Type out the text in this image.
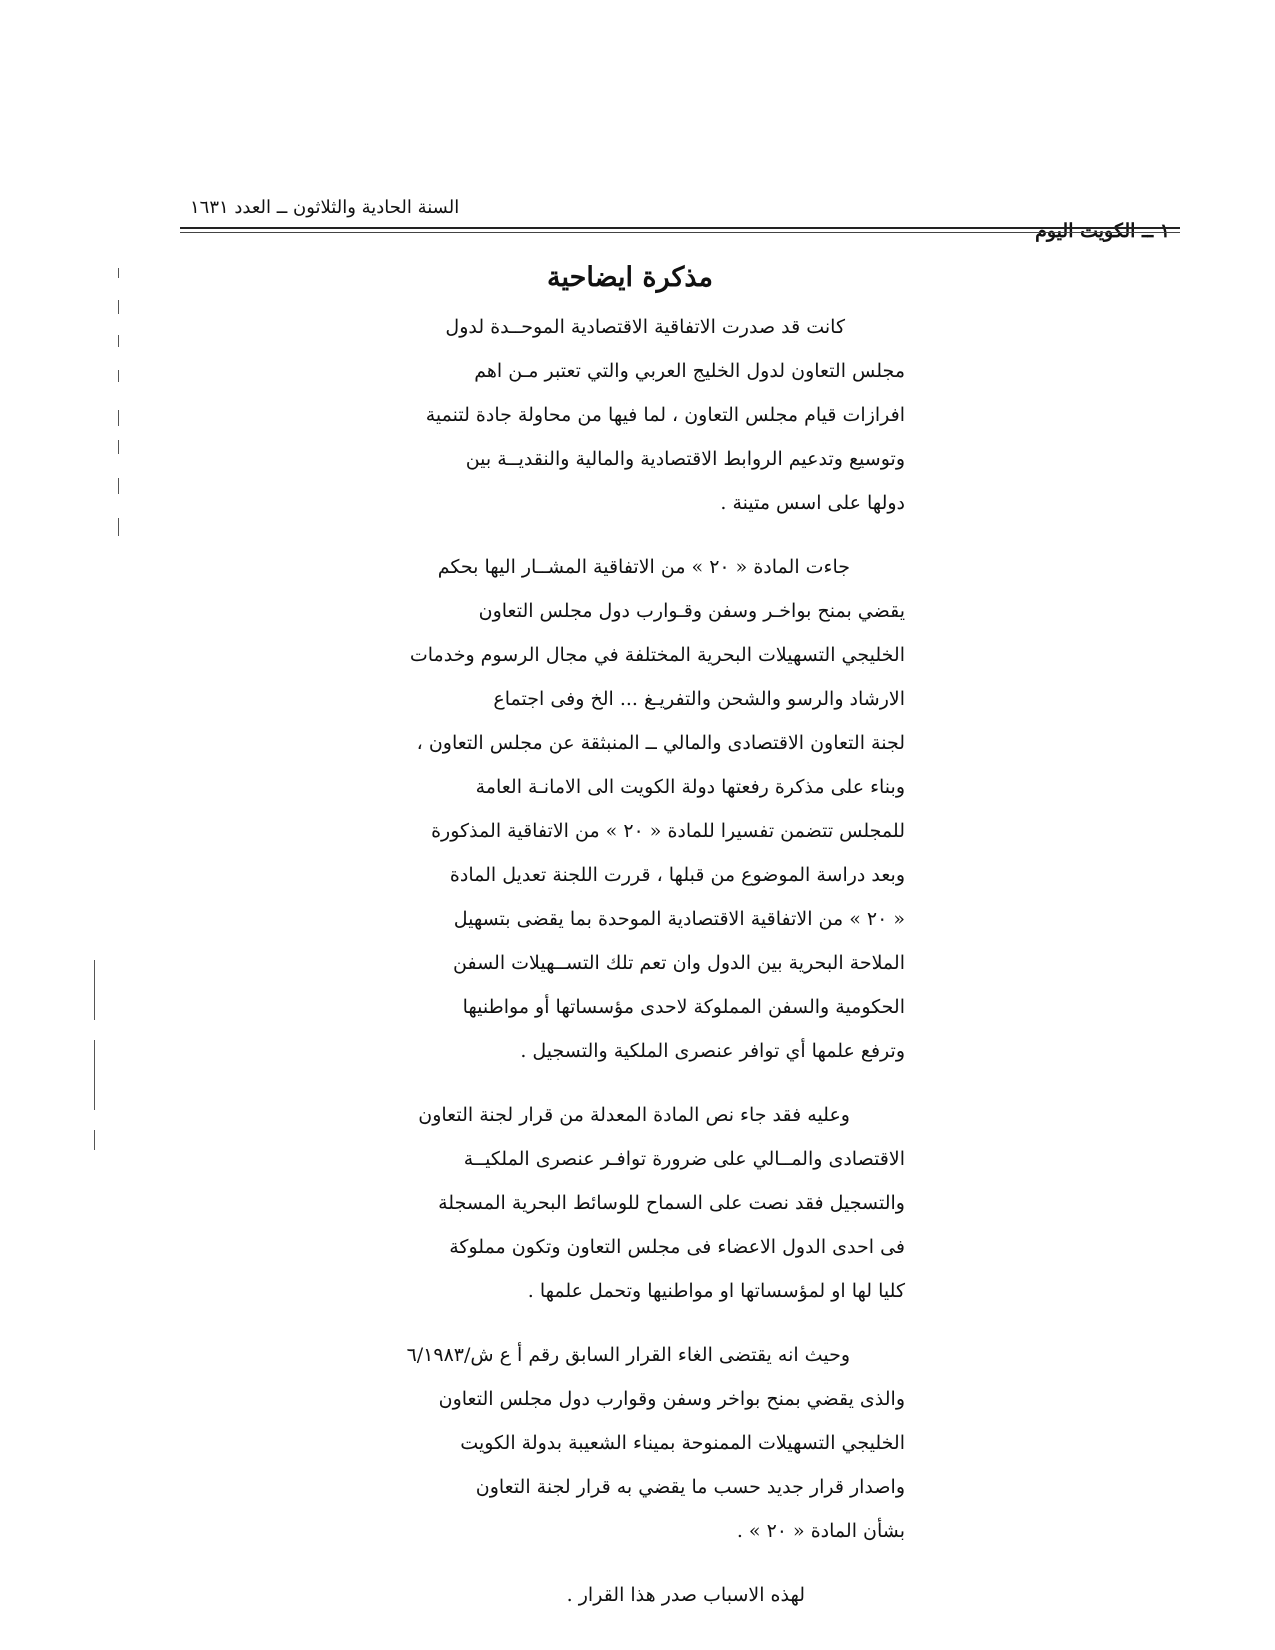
السنة الحادية والثلاثون ــ العدد ١٦٣١
١ ــ الكويت اليوم
مذكرة ايضاحية
كانت قد صدرت الاتفاقية الاقتصادية الموحــدة لدول
مجلس التعاون لدول الخليج العربي والتي تعتبر مـن اهم
افرازات قيام مجلس التعاون ، لما فيها من محاولة جادة لتنمية
وتوسيع وتدعيم الروابط الاقتصادية والمالية والنقديــة بين
دولها على اسس متينة .
جاءت المادة « ٢٠ » من الاتفاقية المشــار اليها بحكم
يقضي بمنح بواخـر وسفن وقـوارب دول مجلس التعاون
الخليجي التسهيلات البحرية المختلفة في مجال الرسوم وخدمات
الارشاد والرسو والشحن والتفريـغ ... الخ وفى اجتماع
لجنة التعاون الاقتصادى والمالي ــ المنبثقة عن مجلس التعاون ،
وبناء على مذكرة رفعتها دولة الكويت الى الامانـة العامة
للمجلس تتضمن تفسيرا للمادة « ٢٠ » من الاتفاقية المذكورة
وبعد دراسة الموضوع من قبلها ، قررت اللجنة تعديل المادة
« ٢٠ » من الاتفاقية الاقتصادية الموحدة بما يقضى بتسهيل
الملاحة البحرية بين الدول وان تعم تلك التســهيلات السفن
الحكومية والسفن المملوكة لاحدى مؤسساتها أو مواطنيها
وترفع علمها أي توافر عنصرى الملكية والتسجيل .
وعليه فقد جاء نص المادة المعدلة من قرار لجنة التعاون
الاقتصادى والمــالي على ضرورة توافـر عنصرى الملكيــة
والتسجيل فقد نصت على السماح للوسائط البحرية المسجلة
فى احدى الدول الاعضاء فى مجلس التعاون وتكون مملوكة
كليا لها او لمؤسساتها او مواطنيها وتحمل علمها .
وحيث انه يقتضى الغاء القرار السابق رقم أ ع ش/٦/١٩٨٣
والذى يقضي بمنح بواخر وسفن وقوارب دول مجلس التعاون
الخليجي التسهيلات الممنوحة بميناء الشعيبة بدولة الكويت
واصدار قرار جديد حسب ما يقضي به قرار لجنة التعاون
بشأن المادة « ٢٠ » .
لهذه الاسباب صدر هذا القرار .
